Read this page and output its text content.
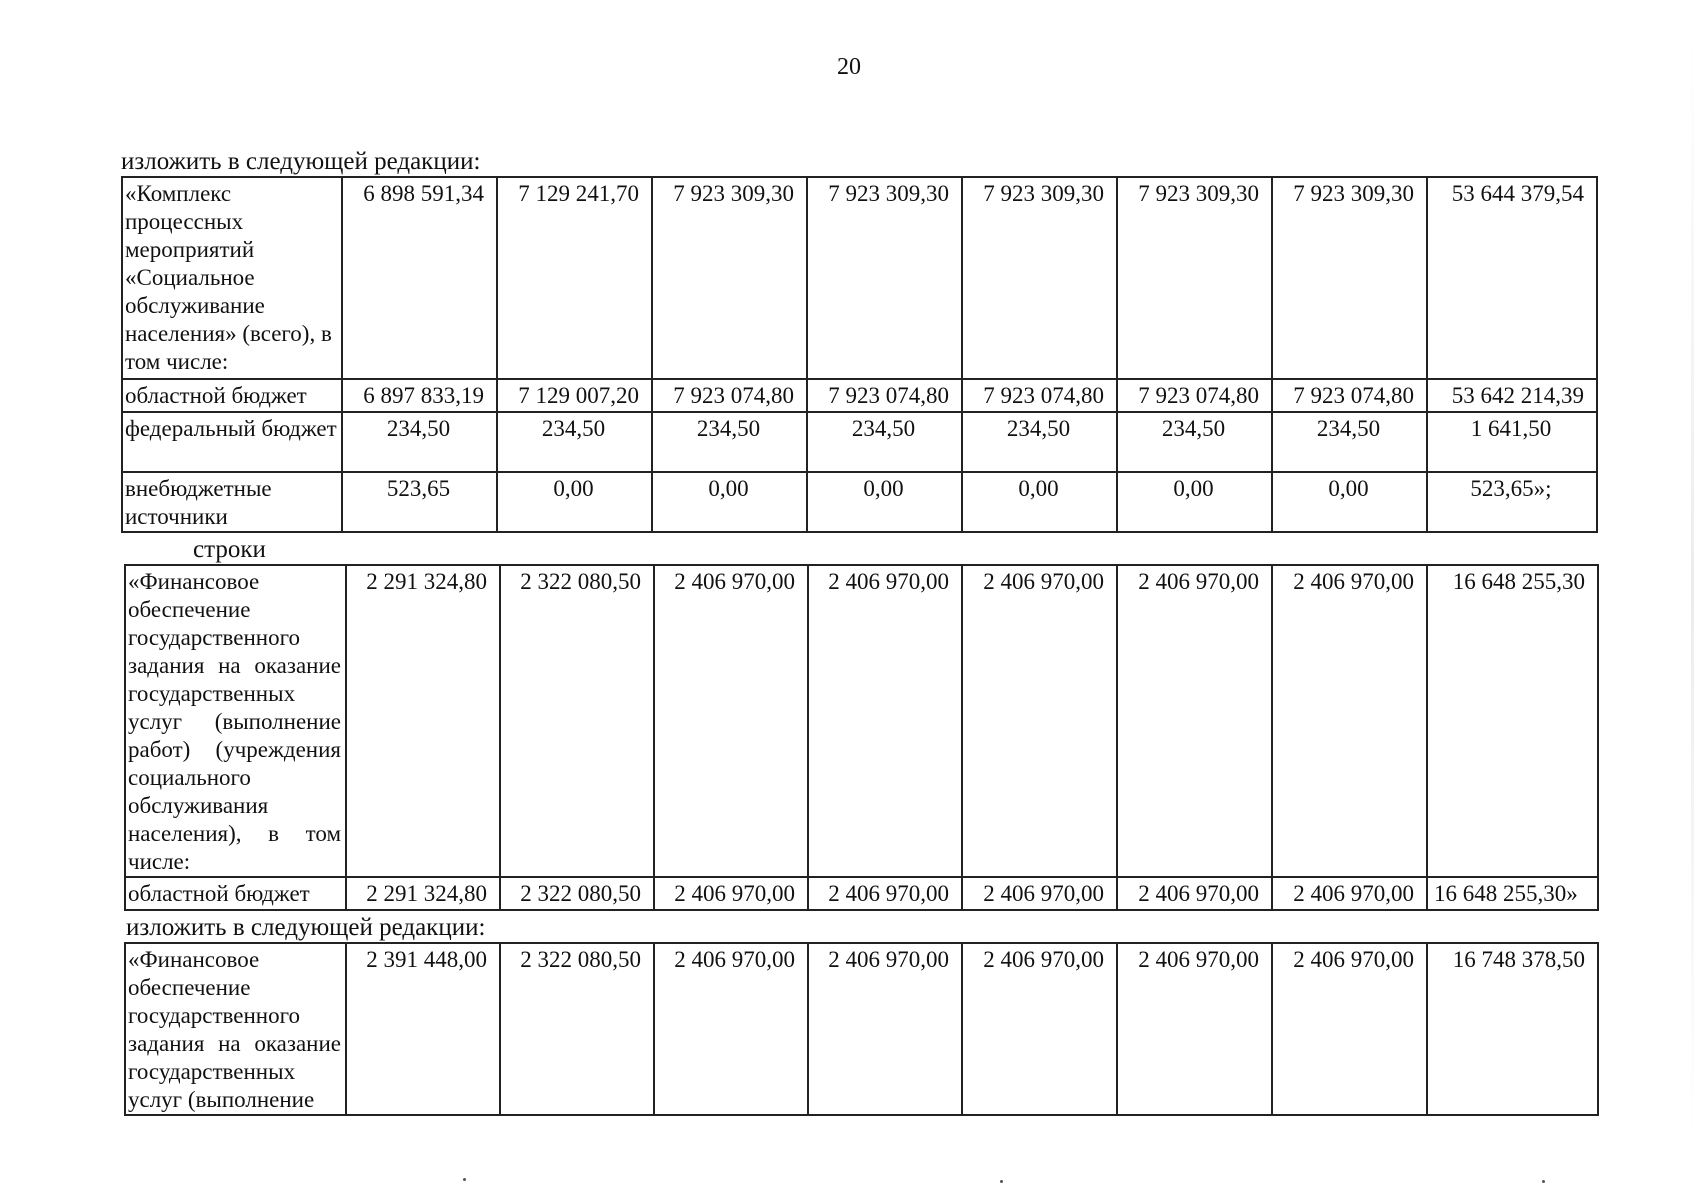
20
изложить в следующей редакции:
«Комплекс процессных мероприятий «Социальное обслуживание населения» (всего), в том числе:	6 898 591,34	7 129 241,70	7 923 309,30	7 923 309,30	7 923 309,30	7 923 309,30	7 923 309,30	53 644 379,54
областной бюджет	6 897 833,19	7 129 007,20	7 923 074,80	7 923 074,80	7 923 074,80	7 923 074,80	7 923 074,80	53 642 214,39
федеральный бюджет	234,50	234,50	234,50	234,50	234,50	234,50	234,50	1 641,50
внебюджетные источники	523,65	0,00	0,00	0,00	0,00	0,00	0,00	523,65»;
строки
«Финансовое обеспечение государственного задания на оказание государственных услуг (выполнение работ) (учреждения социального обслуживания населения), в том числе:	2 291 324,80	2 322 080,50	2 406 970,00	2 406 970,00	2 406 970,00	2 406 970,00	2 406 970,00	16 648 255,30
областной бюджет	2 291 324,80	2 322 080,50	2 406 970,00	2 406 970,00	2 406 970,00	2 406 970,00	2 406 970,00	16 648 255,30»
изложить в следующей редакции:
«Финансовое обеспечение государственного задания на оказание государственных услуг (выполнение	2 391 448,00	2 322 080,50	2 406 970,00	2 406 970,00	2 406 970,00	2 406 970,00	2 406 970,00	16 748 378,50
